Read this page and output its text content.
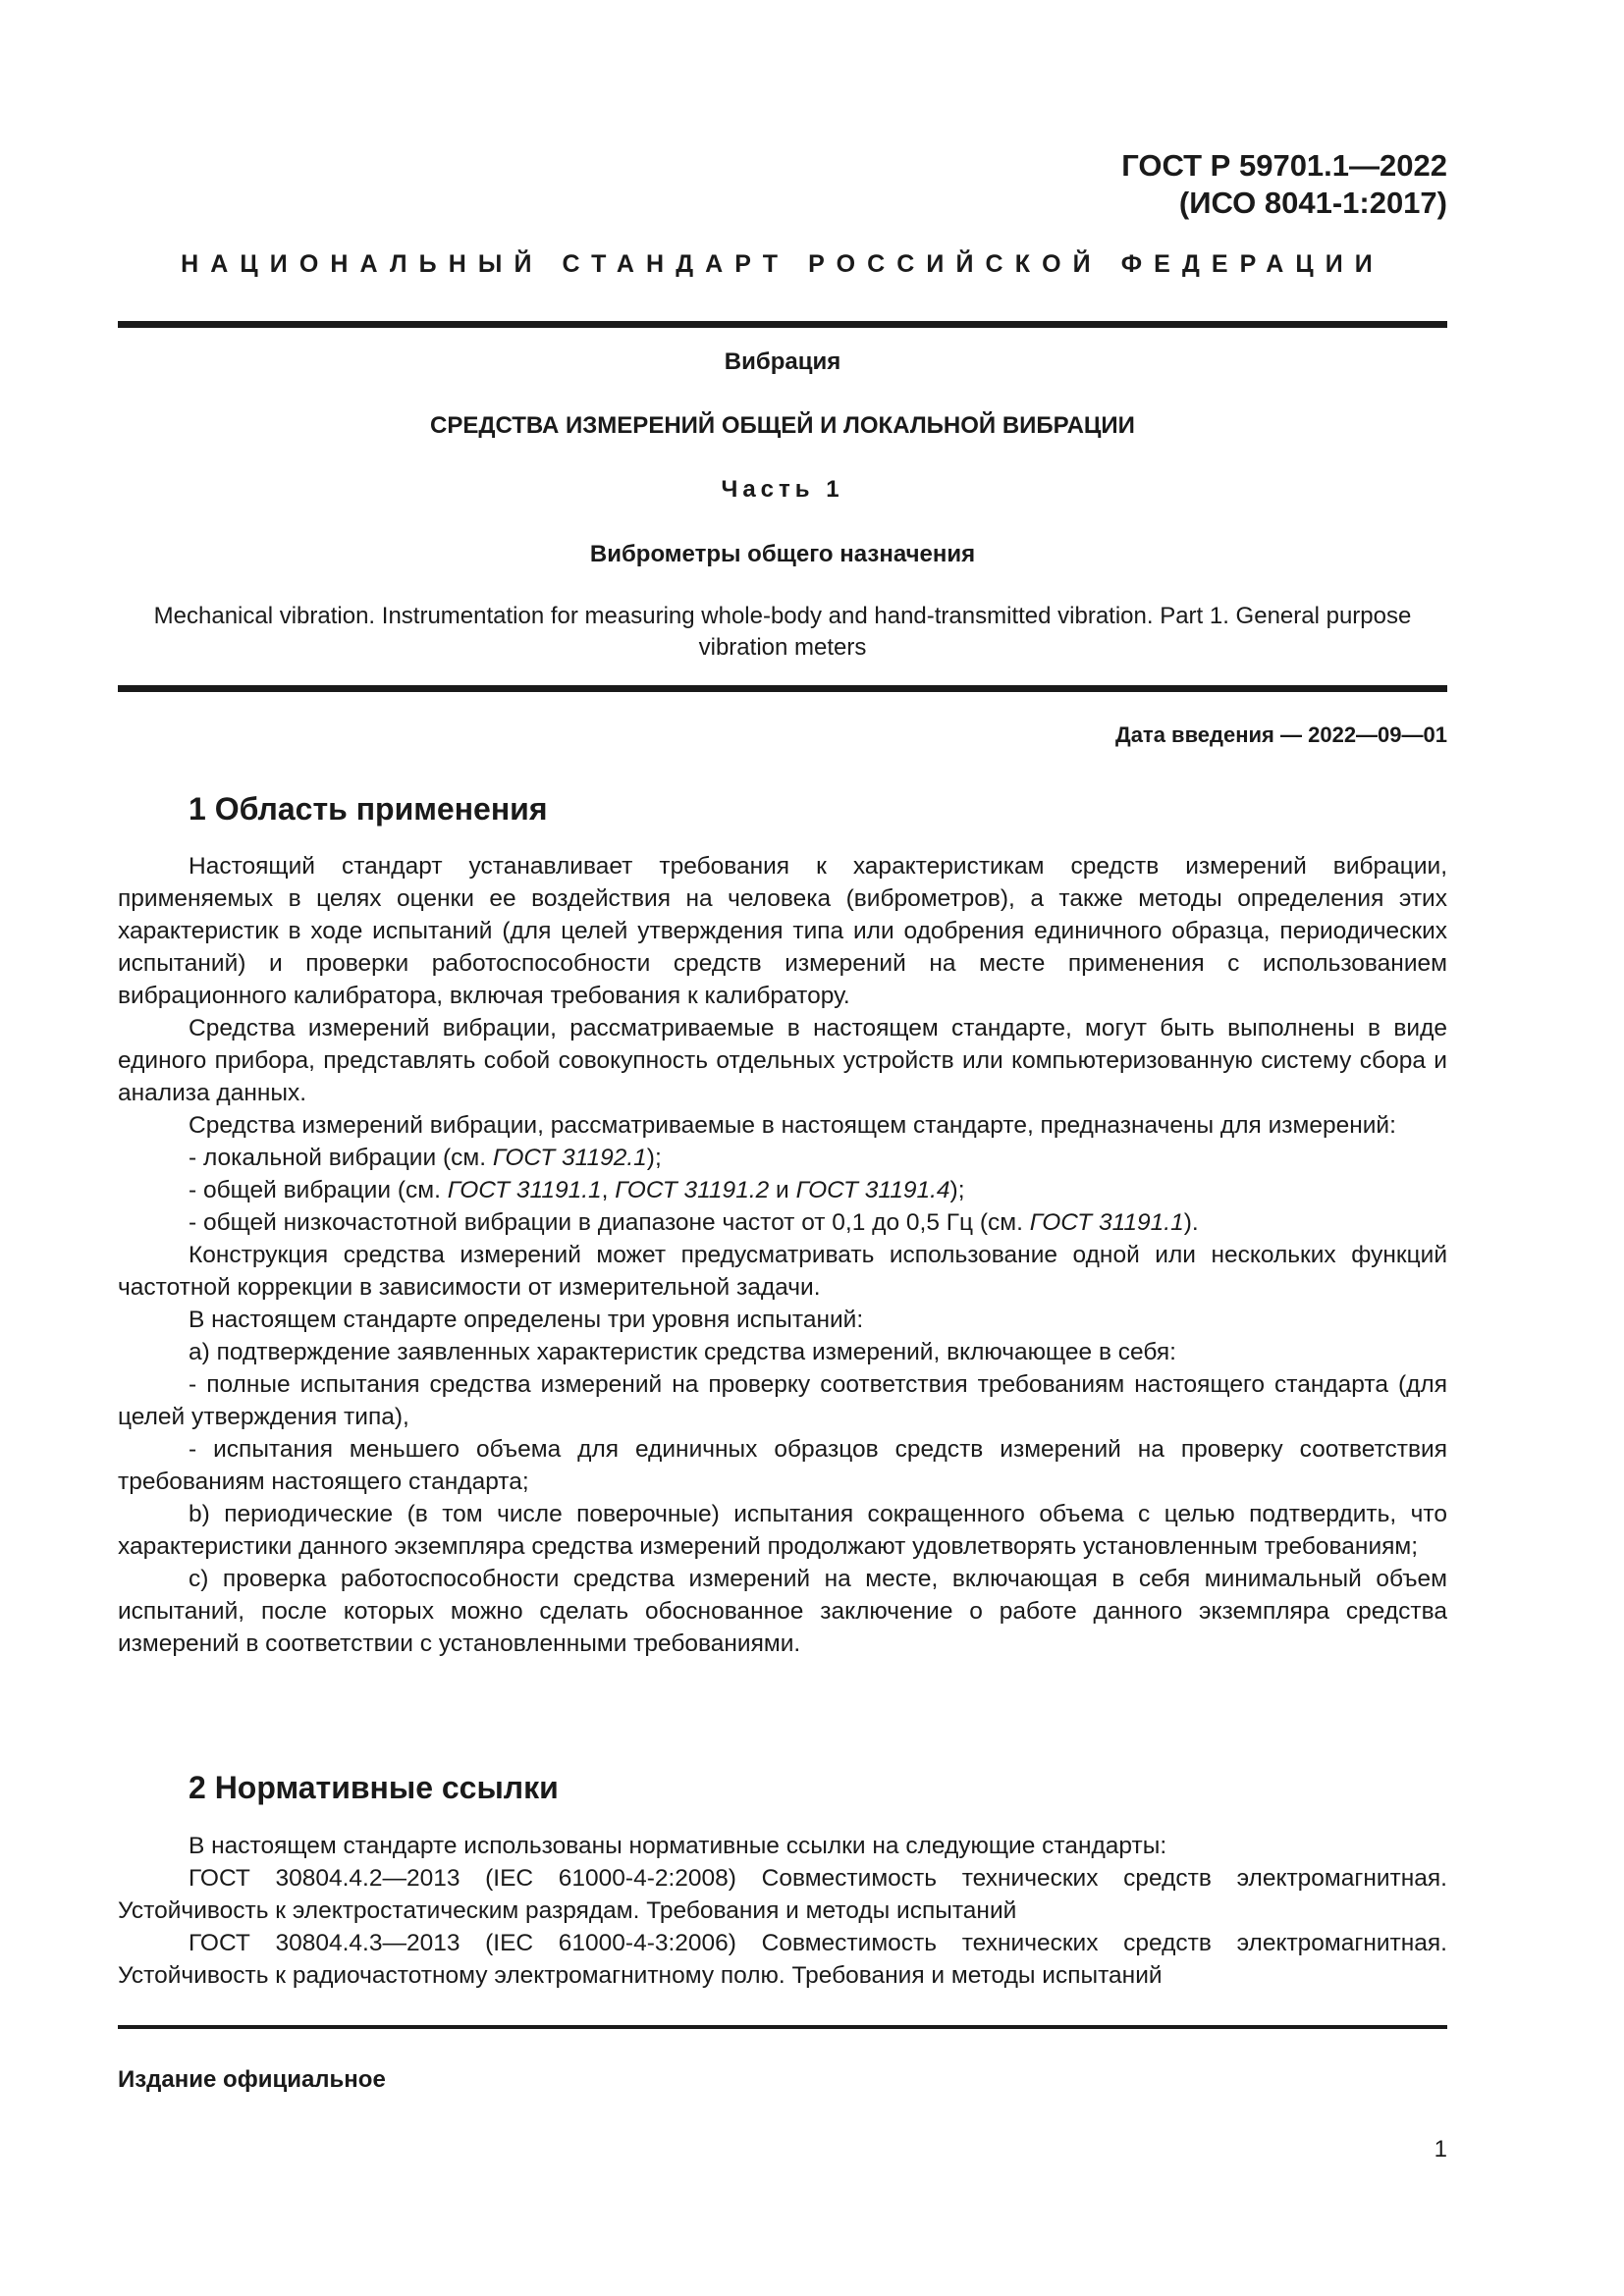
ГОСТ Р 59701.1—2022
(ИСО 8041-1:2017)
НАЦИОНАЛЬНЫЙ СТАНДАРТ РОССИЙСКОЙ ФЕДЕРАЦИИ
Вибрация
СРЕДСТВА ИЗМЕРЕНИЙ ОБЩЕЙ И ЛОКАЛЬНОЙ ВИБРАЦИИ
Часть 1
Виброметры общего назначения
Mechanical vibration. Instrumentation for measuring whole-body and hand-transmitted vibration. Part 1. General purpose vibration meters
Дата введения — 2022—09—01
1 Область применения

Настоящий стандарт устанавливает требования к характеристикам средств измерений вибрации, применяемых в целях оценки ее воздействия на человека (виброметров), а также методы определения этих характеристик в ходе испытаний (для целей утверждения типа или одобрения единичного образца, периодических испытаний) и проверки работоспособности средств измерений на месте применения с использованием вибрационного калибратора, включая требования к калибратору.

Средства измерений вибрации, рассматриваемые в настоящем стандарте, могут быть выполнены в виде единого прибора, представлять собой совокупность отдельных устройств или компьютеризованную систему сбора и анализа данных.

Средства измерений вибрации, рассматриваемые в настоящем стандарте, предназначены для измерений:

- локальной вибрации (см. ГОСТ 31192.1);

- общей вибрации (см. ГОСТ 31191.1, ГОСТ 31191.2 и ГОСТ 31191.4);

- общей низкочастотной вибрации в диапазоне частот от 0,1 до 0,5 Гц (см. ГОСТ 31191.1).

Конструкция средства измерений может предусматривать использование одной или нескольких функций частотной коррекции в зависимости от измерительной задачи.

В настоящем стандарте определены три уровня испытаний:

a) подтверждение заявленных характеристик средства измерений, включающее в себя:

- полные испытания средства измерений на проверку соответствия требованиям настоящего стандарта (для целей утверждения типа),

- испытания меньшего объема для единичных образцов средств измерений на проверку соответствия требованиям настоящего стандарта;

b) периодические (в том числе поверочные) испытания сокращенного объема с целью подтвердить, что характеристики данного экземпляра средства измерений продолжают удовлетворять установленным требованиям;

c) проверка работоспособности средства измерений на месте, включающая в себя минимальный объем испытаний, после которых можно сделать обоснованное заключение о работе данного экземпляра средства измерений в соответствии с установленными требованиями.

2 Нормативные ссылки

В настоящем стандарте использованы нормативные ссылки на следующие стандарты:

ГОСТ 30804.4.2—2013 (IEC 61000-4-2:2008) Совместимость технических средств электромагнитная. Устойчивость к электростатическим разрядам. Требования и методы испытаний

ГОСТ 30804.4.3—2013 (IEC 61000-4-3:2006) Совместимость технических средств электромагнитная. Устойчивость к радиочастотному электромагнитному полю. Требования и методы испытаний

Издание официальное
1
